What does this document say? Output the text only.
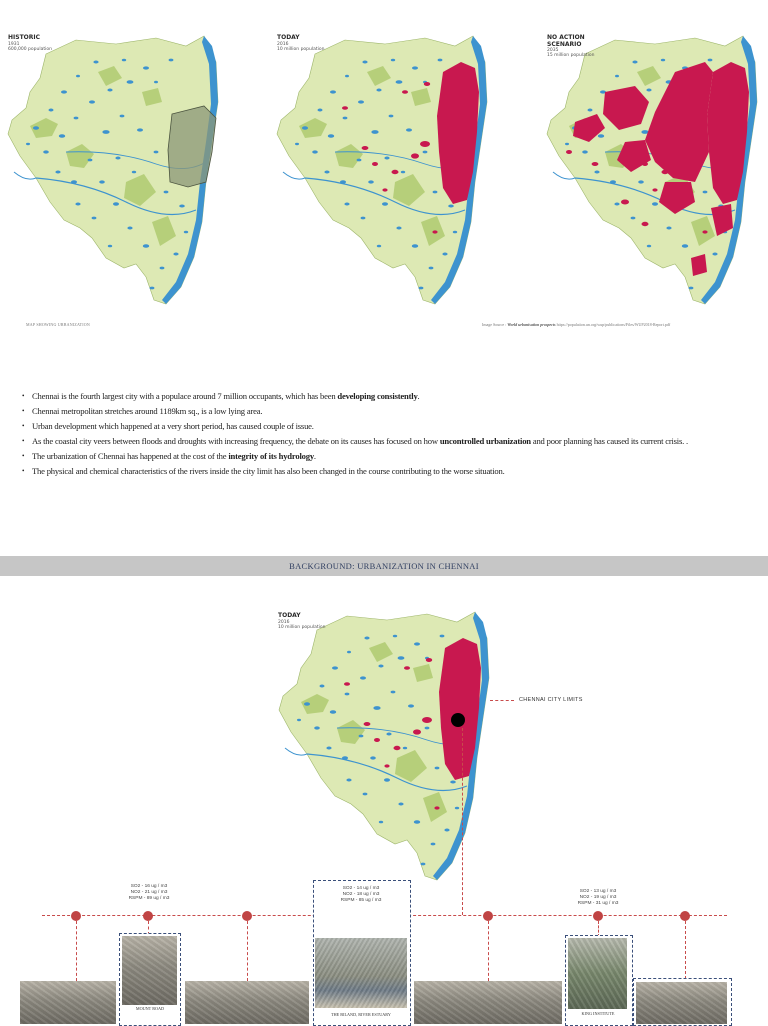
HISTORIC
1931
600,000 population
TODAY
2016
10 million population
NO ACTION
SCENARIO
2035
15 million population
MAP SHOWING URBANIZATION	Image Source : World urbanisation prospects https://population.un.org/wup/publications/Files/WUP2018-Report.pdf
• Chennai is the fourth largest city with a populace around 7 million occupants, which has been developing consistently.
• Chennai metropolitan stretches around 1189km sq., is a low lying area.
• Urban development which happened at a very short period, has caused couple of issue.
• As the coastal city veers between floods and droughts with increasing frequency, the debate on its causes has focused on how uncontrolled urbanization and poor planning has caused its current crisis. .
• The urbanization of Chennai has happened at the cost of the integrity of its hydrology.
• The physical and chemical characteristics of the rivers inside the city limit has also been changed in the course contributing to the worse situation.
BACKGROUND: URBANIZATION IN CHENNAI
TODAY
2016
10 million population
CHENNAI CITY LIMITS
SO2 - 16 ug / m3
NO2 - 21 ug / m3
RSPM - 89 ug / m3
SO2 - 14 ug / m3
NO2 - 18 ug / m3
RSPM - 85 ug / m3
SO2 - 13 ug / m3
NO2 - 19 ug / m3
RSPM - 31 ug / m3
MOUNT ROAD
THE BILAND, RIVER ESTUARY	KING INSTITUTE
